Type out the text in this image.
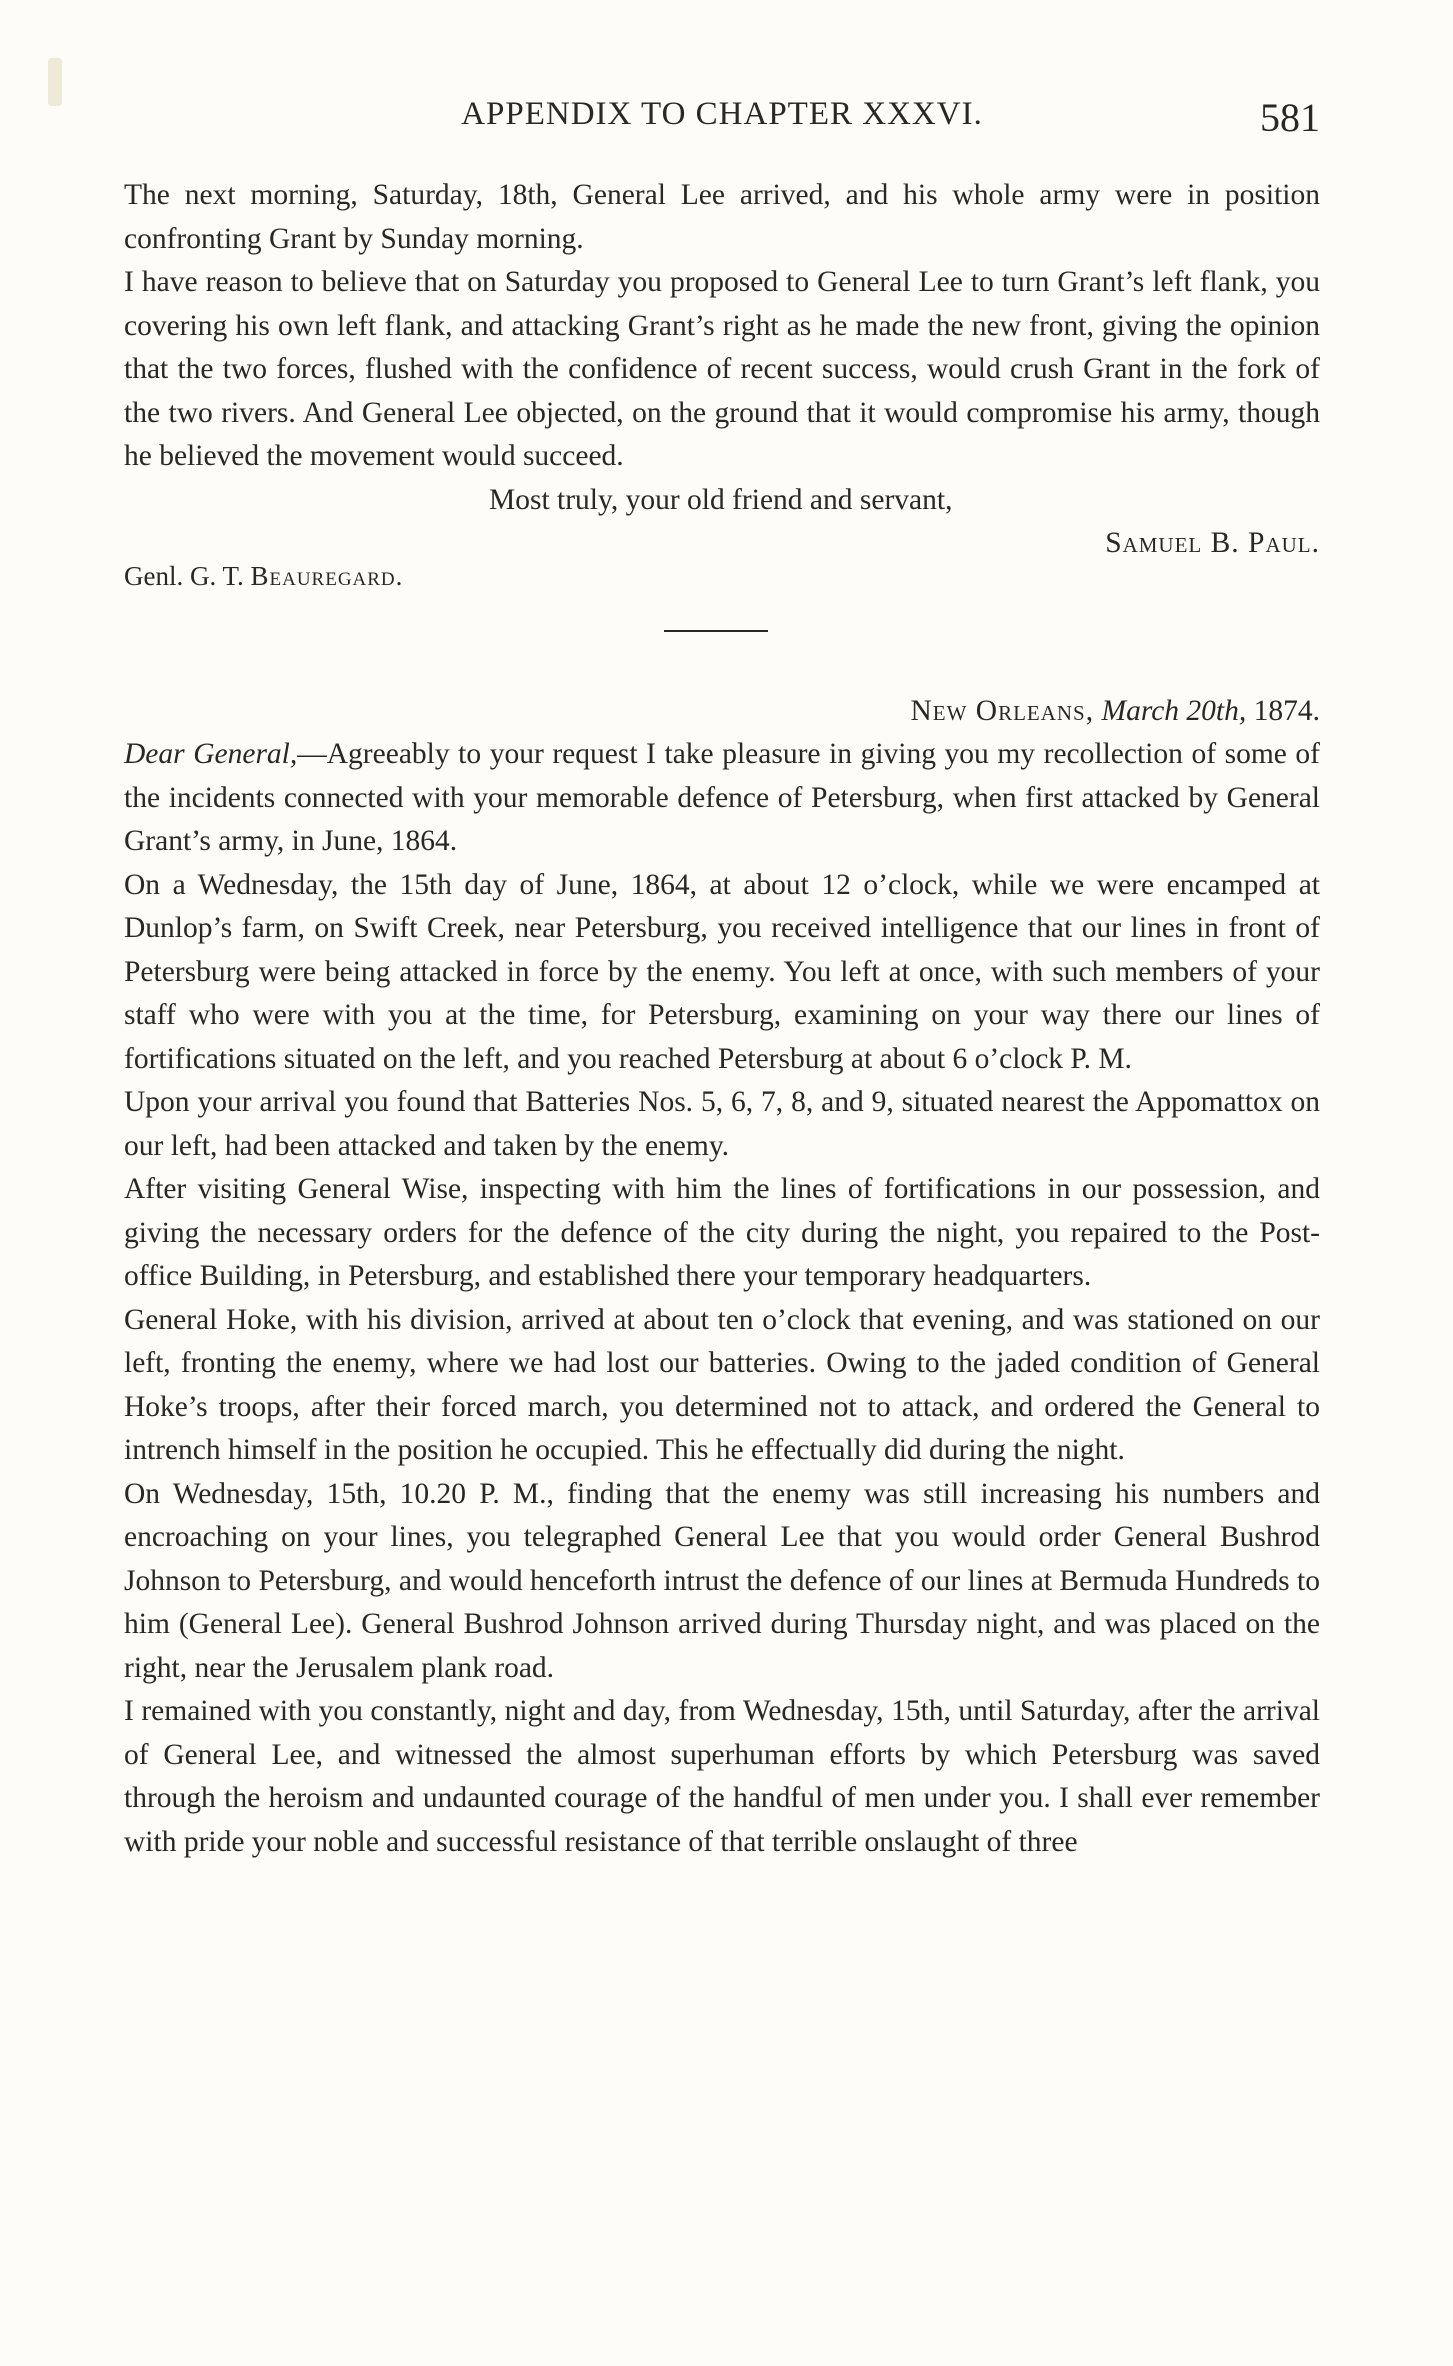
APPENDIX TO CHAPTER XXXVI.	581

The next morning, Saturday, 18th, General Lee arrived, and his whole army were in position confronting Grant by Sunday morning.

I have reason to believe that on Saturday you proposed to General Lee to turn Grant’s left flank, you covering his own left flank, and attacking Grant’s right as he made the new front, giving the opinion that the two forces, flushed with the confidence of recent success, would crush Grant in the fork of the two rivers. And General Lee objected, on the ground that it would compromise his army, though he believed the movement would succeed.

Most truly, your old friend and servant,

Samuel B. Paul.

Genl. G. T. Beauregard.

New Orleans, March 20th, 1874.

Dear General,—Agreeably to your request I take pleasure in giving you my recollection of some of the incidents connected with your memorable defence of Petersburg, when first attacked by General Grant’s army, in June, 1864.

On a Wednesday, the 15th day of June, 1864, at about 12 o’clock, while we were encamped at Dunlop’s farm, on Swift Creek, near Petersburg, you received intelligence that our lines in front of Petersburg were being attacked in force by the enemy. You left at once, with such members of your staff who were with you at the time, for Petersburg, examining on your way there our lines of fortifications situated on the left, and you reached Petersburg at about 6 o’clock P. M.

Upon your arrival you found that Batteries Nos. 5, 6, 7, 8, and 9, situated nearest the Appomattox on our left, had been attacked and taken by the enemy.

After visiting General Wise, inspecting with him the lines of fortifications in our possession, and giving the necessary orders for the defence of the city during the night, you repaired to the Post-office Building, in Petersburg, and established there your temporary headquarters.

General Hoke, with his division, arrived at about ten o’clock that evening, and was stationed on our left, fronting the enemy, where we had lost our batteries. Owing to the jaded condition of General Hoke’s troops, after their forced march, you determined not to attack, and ordered the General to intrench himself in the position he occupied. This he effectually did during the night.

On Wednesday, 15th, 10.20 P. M., finding that the enemy was still increasing his numbers and encroaching on your lines, you telegraphed General Lee that you would order General Bushrod Johnson to Petersburg, and would henceforth intrust the defence of our lines at Bermuda Hundreds to him (General Lee). General Bushrod Johnson arrived during Thursday night, and was placed on the right, near the Jerusalem plank road.

I remained with you constantly, night and day, from Wednesday, 15th, until Saturday, after the arrival of General Lee, and witnessed the almost superhuman efforts by which Petersburg was saved through the heroism and undaunted courage of the handful of men under you. I shall ever remember with pride your noble and successful resistance of that terrible onslaught of three
